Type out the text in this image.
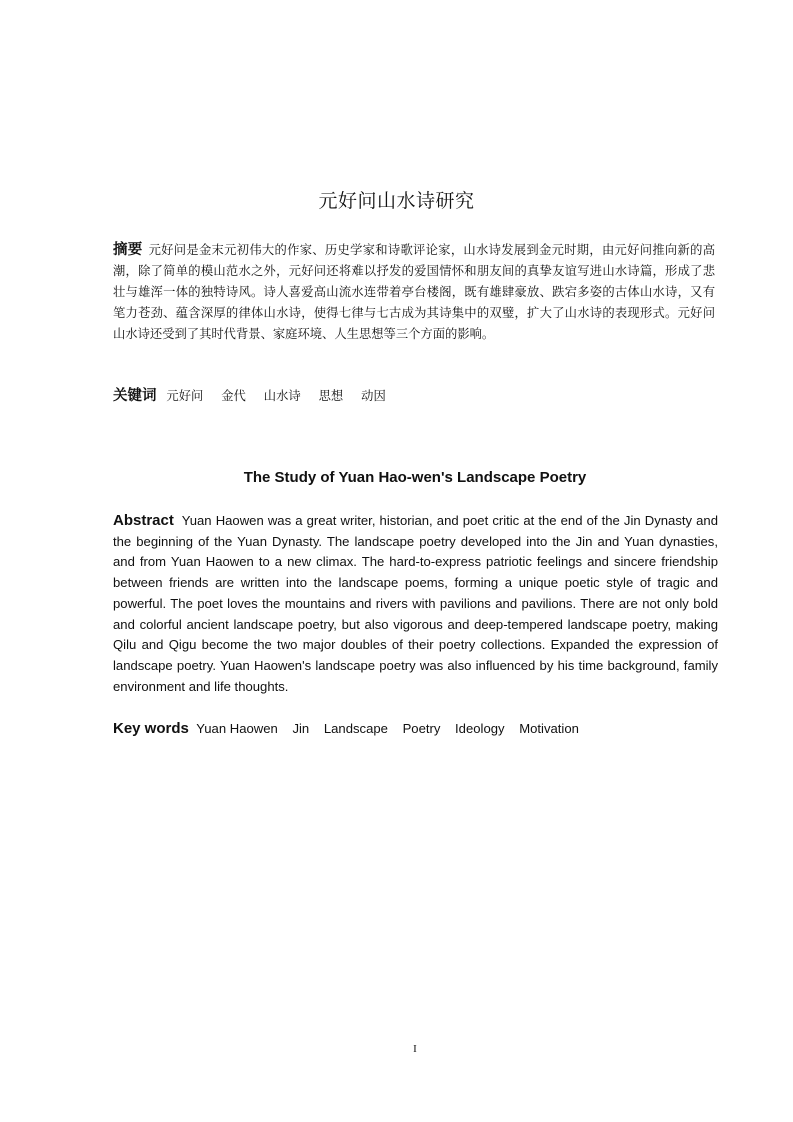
元好问山水诗研究
摘要 元好问是金末元初伟大的作家、历史学家和诗歌评论家，山水诗发展到金元时期，由元好问推向新的高潮，除了简单的模山范水之外，元好问还将难以抒发的爱国情怀和朋友间的真挚友谊写进山水诗篇，形成了悲壮与雄浑一体的独特诗风。诗人喜爱高山流水连带着亭台楼阁，既有雄肆豪放、跌宕多姿的古体山水诗，又有笔力苍劲、蕴含深厚的律体山水诗，使得七律与七古成为其诗集中的双璧，扩大了山水诗的表现形式。元好问山水诗还受到了其时代背景、家庭环境、人生思想等三个方面的影响。
关键词 元好问 金代 山水诗 思想 动因
The Study of Yuan Hao-wen's Landscape Poetry
Abstract Yuan Haowen was a great writer, historian, and poet critic at the end of the Jin Dynasty and the beginning of the Yuan Dynasty. The landscape poetry developed into the Jin and Yuan dynasties, and from Yuan Haowen to a new climax. The hard-to-express patriotic feelings and sincere friendship between friends are written into the landscape poems, forming a unique poetic style of tragic and powerful. The poet loves the mountains and rivers with pavilions and pavilions. There are not only bold and colorful ancient landscape poetry, but also vigorous and deep-tempered landscape poetry, making Qilu and Qigu become the two major doubles of their poetry collections. Expanded the expression of landscape poetry. Yuan Haowen's landscape poetry was also influenced by his time background, family environment and life thoughts.
Key words Yuan Haowen Jin Landscape Poetry Ideology Motivation
I
